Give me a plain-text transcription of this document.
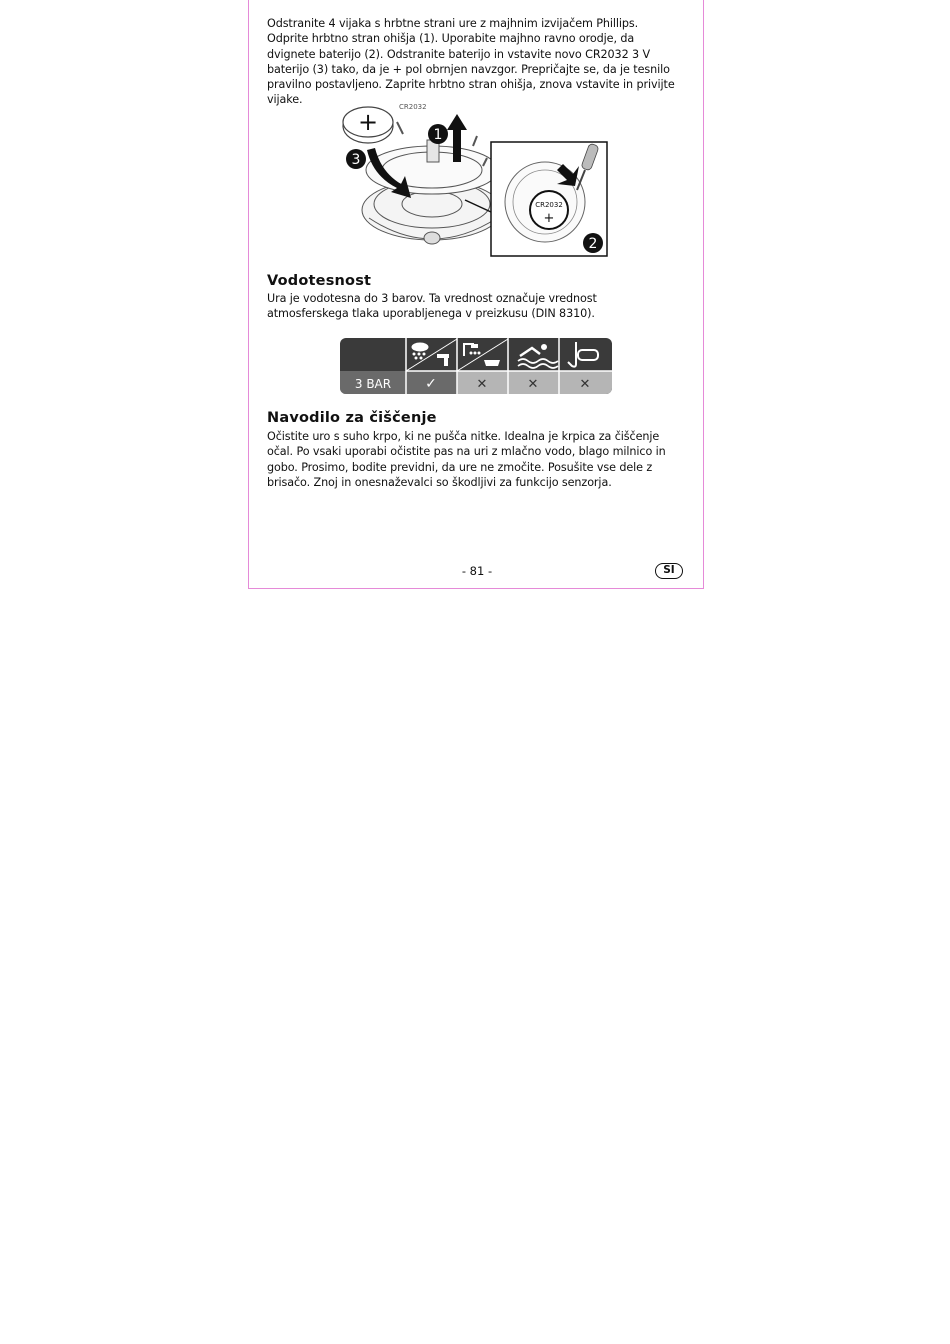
Odstranite 4 vijaka s hrbtne strani ure z majhnim izvijačem Phillips. Odprite hrbtno stran ohišja (1). Uporabite majhno ravno orodje, da dvignete baterijo (2). Odstranite baterijo in vstavite novo CR2032 3 V baterijo (3) tako, da je + pol obrnjen navzgor. Prepričajte se, da je tesnilo pravilno postavljeno. Zaprite hrbtno stran ohišja, znova vstavite in privijte vijake.

+
CR2032
1
3
CR2032
+
2
Vodotesnost

Ura je vodotesna do 3 barov. Ta vrednost označuje vrednost atmosferskega tlaka uporabljenega v preizkusu (DIN 8310).

3 BAR ✓	✕	✕	✕
Navodilo za čiščenje

Očistite uro s suho krpo, ki ne pušča nitke. Idealna je krpica za čiščenje očal. Po vsaki uporabi očistite pas na uri z mlačno vodo, blago milnico in gobo. Prosimo, bodite previdni, da ure ne zmočite. Posušite vse dele z brisačo. Znoj in onesnaževalci so škodljivi za funkcijo senzorja.

- 81 -	SI
